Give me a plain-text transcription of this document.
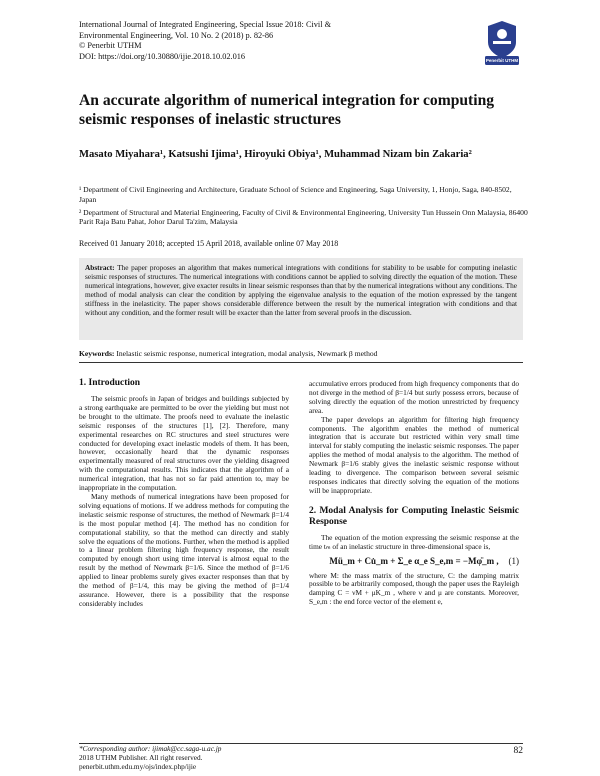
International Journal of Integrated Engineering, Special Issue 2018: Civil &
Environmental Engineering, Vol. 10 No. 2 (2018) p. 82-86
© Penerbit UTHM
DOI: https://doi.org/10.30880/ijie.2018.10.02.016	Penerbit UTHM
An accurate algorithm of numerical integration for computing seismic responses of inelastic structures
Masato Miyahara¹, Katsushi Ijima¹, Hiroyuki Obiya¹, Muhammad Nizam bin Zakaria²

¹ Department of Civil Engineering and Architecture, Graduate School of Science and Engineering, Saga University, 1, Honjo, Saga, 840-8502, Japan

² Department of Structural and Material Engineering, Faculty of Civil & Environmental Engineering, University Tun Hussein Onn Malaysia, 86400 Parit Raja Batu Pahat, Johor Darul Ta'zim, Malaysia

Received 01 January 2018; accepted 15 April 2018, available online 07 May 2018
Abstract: The paper proposes an algorithm that makes numerical integrations with conditions for stability to be usable for computing inelastic seismic responses of structures. The numerical integrations with conditions cannot be applied to solving directly the equation of the motion. These numerical integrations, however, give exacter results in linear seismic responses than that by the numerical integrations without any conditions. The method of modal analysis can clear the condition by applying the eigenvalue analysis to the equation of the motion expressed by the tangent stiffness in the inelasticity. The paper shows considerable difference between the result by the numerical integration with conditions and that without any condition, and the former result will be exacter than the latter from several proofs in the discussion.
Keywords: Inelastic seismic response, numerical integration, modal analysis, Newmark β method
1. Introduction

The seismic proofs in Japan of bridges and buildings subjected by a strong earthquake are permitted to be over the yielding but must not be brought to the ultimate. The proofs need to evaluate the inelastic seismic responses of the structures [1], [2]. Therefore, many experimental researches on RC structures and steel structures were conducted for developing exact inelastic models of them. It has been, however, occasionally heard that the dynamic responses experimentally measured of real structures over the yielding disagreed with the computational results. This indicates that the algorithm of a numerical integration, that has not so far paid attention to, may be inappropriate in the computation.

Many methods of numerical integrations have been proposed for solving equations of motions. If we address methods for computing the inelastic seismic response of structures, the method of Newmark β=1/4 is the most popular method [4]. The method has no condition for computational stability, so that the method can directly and stably solve the equations of the motions. Further, when the method is applied to a linear problem filtering high frequency response, the result computed by enough short using time interval is almost equal to the result by the method of Newmark β=1/6. Since the method of β=1/6 applied to linear problems surely gives exacter responses than that by the method of β=1/4, this may be giving the method of β=1/4 assurance. However, there is a possibility that the response considerably includes

accumulative errors produced from high frequency components that do not diverge in the method of β=1/4 but surly possess errors, because of solving directly the equation of the motion unrestricted by frequency area.

The paper develops an algorithm for filtering high frequency components. The algorithm enables the method of numerical integration that is accurate but restricted within very small time interval for stably computing the inelastic seismic responses. The paper applies the method of modal analysis to the algorithm. The method of Newmark β=1/6 stably gives the inelastic seismic response without leading to divergence. The comparison between several seismic responses indicates that directly solving the equation of the motions will be inappropriate.

2. Modal Analysis for Computing Inelastic Seismic Response

The equation of the motion expressing the seismic response at the time tₘ of an inelastic structure in three-dimensional space is,

Mü_m + Cu̇_m + Σ_e α_e S_e,m = −Mφ̈_m , (1)

where M: the mass matrix of the structure, C: the damping matrix possible to be arbitrarily composed, though the paper uses the Rayleigh damping C = νM + μK_m , where ν and μ are constants. Moreover, S_e,m : the end force vector of the element e,

*Corresponding author: ijimak@cc.saga-u.ac.jp
2018 UTHM Publisher. All right reserved.
penerbit.uthm.edu.my/ojs/index.php/ijie
82
